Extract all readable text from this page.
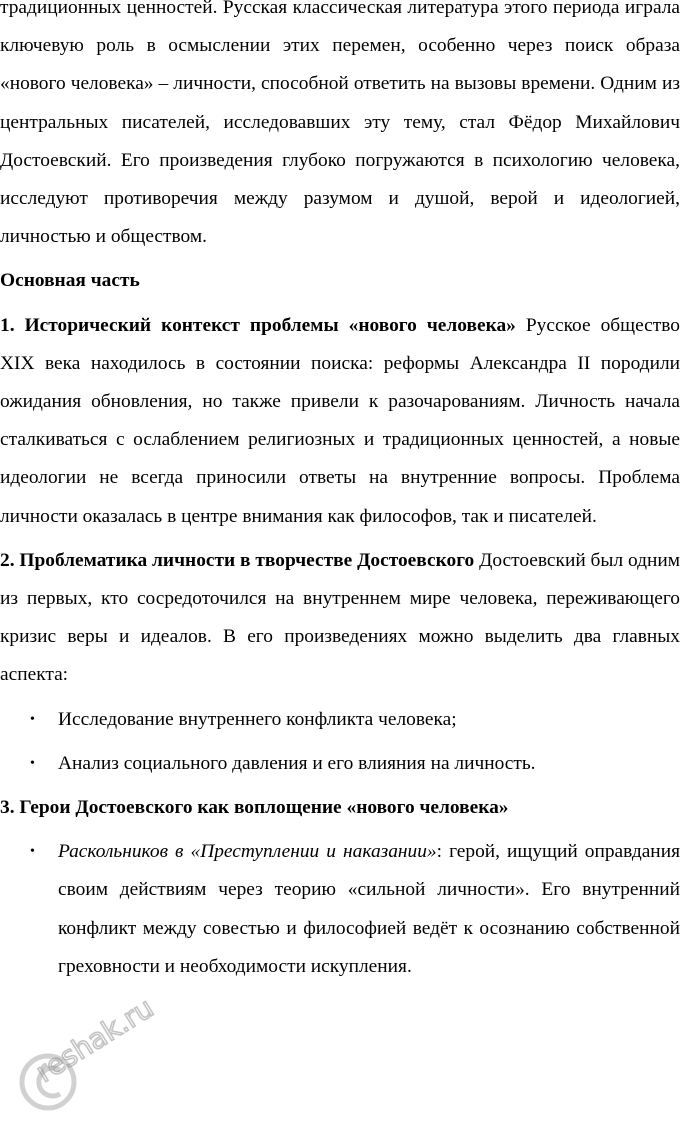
традиционных ценностей. Русская классическая литература этого периода играла ключевую роль в осмыслении этих перемен, особенно через поиск образа «нового человека» – личности, способной ответить на вызовы времени. Одним из центральных писателей, исследовавших эту тему, стал Фёдор Михайлович Достоевский. Его произведения глубоко погружаются в психологию человека, исследуют противоречия между разумом и душой, верой и идеологией, личностью и обществом.

Основная часть

1. Исторический контекст проблемы «нового человека» Русское общество XIX века находилось в состоянии поиска: реформы Александра II породили ожидания обновления, но также привели к разочарованиям. Личность начала сталкиваться с ослаблением религиозных и традиционных ценностей, а новые идеологии не всегда приносили ответы на внутренние вопросы. Проблема личности оказалась в центре внимания как философов, так и писателей.

2. Проблематика личности в творчестве Достоевского Достоевский был одним из первых, кто сосредоточился на внутреннем мире человека, переживающего кризис веры и идеалов. В его произведениях можно выделить два главных аспекта:

• Исследование внутреннего конфликта человека;
• Анализ социального давления и его влияния на личность.

3. Герои Достоевского как воплощение «нового человека»

• Раскольников в «Преступлении и наказании»: герой, ищущий оправдания своим действиям через теорию «сильной личности». Его внутренний конфликт между совестью и философией ведёт к осознанию собственной греховности и необходимости искупления.
reshak.ru
